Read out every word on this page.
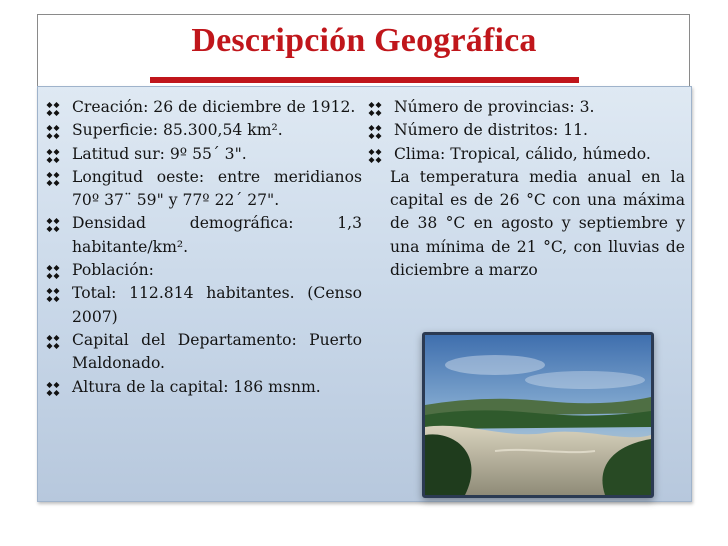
Descripción Geográfica
Creación: 26 de diciembre de 1912.
Superficie: 85.300,54 km².
Latitud sur: 9º 55´ 3".
Longitud oeste: entre meridianos 70º 37¨ 59" y 77º 22´ 27".
Densidad demográfica: 1,3 habitante/km².
Población:
Total: 112.814 habitantes. (Censo 2007)
Capital del Departamento: Puerto Maldonado.
Altura de la capital: 186 msnm.
Número de provincias: 3.
Número de distritos: 11.
Clima: Tropical, cálido, húmedo.

La temperatura media anual en la capital es de 26 °C con una máxima de 38 °C en agosto y septiembre y una mínima de 21 °C, con lluvias de diciembre a marzo
